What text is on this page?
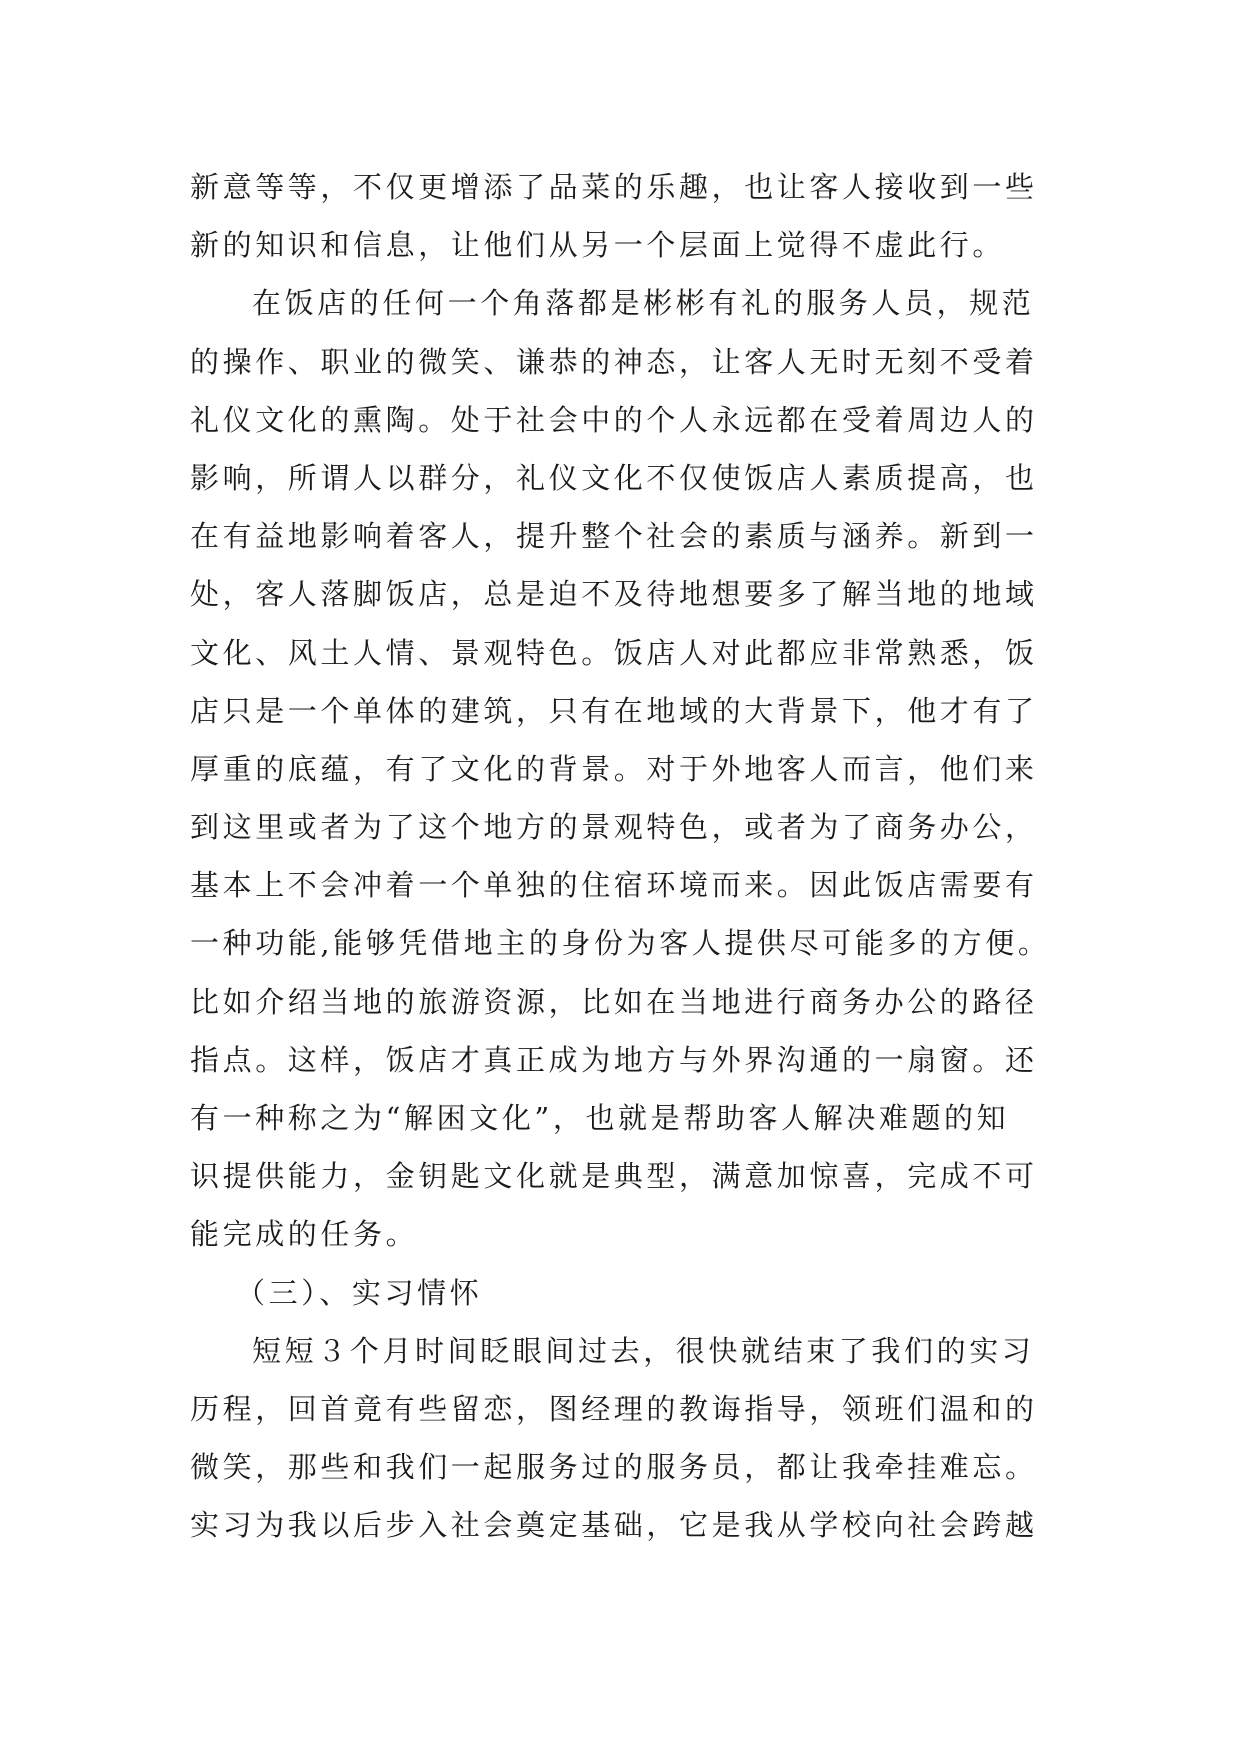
新意等等，不仅更增添了品菜的乐趣，也让客人接收到一些

新的知识和信息，让他们从另一个层面上觉得不虚此行。

在饭店的任何一个角落都是彬彬有礼的服务人员，规范

的操作、职业的微笑、谦恭的神态，让客人无时无刻不受着

礼仪文化的熏陶。处于社会中的个人永远都在受着周边人的

影响，所谓人以群分，礼仪文化不仅使饭店人素质提高，也

在有益地影响着客人，提升整个社会的素质与涵养。新到一

处，客人落脚饭店，总是迫不及待地想要多了解当地的地域

文化、风土人情、景观特色。饭店人对此都应非常熟悉，饭

店只是一个单体的建筑，只有在地域的大背景下，他才有了

厚重的底蕴，有了文化的背景。对于外地客人而言，他们来

到这里或者为了这个地方的景观特色，或者为了商务办公，

基本上不会冲着一个单独的住宿环境而来。因此饭店需要有

一种功能,能够凭借地主的身份为客人提供尽可能多的方便。

比如介绍当地的旅游资源，比如在当地进行商务办公的路径

指点。这样，饭店才真正成为地方与外界沟通的一扇窗。还

有一种称之为“解困文化”，也就是帮助客人解决难题的知

识提供能力，金钥匙文化就是典型，满意加惊喜，完成不可

能完成的任务。

（三）、实习情怀

短短３个月时间眨眼间过去，很快就结束了我们的实习

历程，回首竟有些留恋，图经理的教诲指导，领班们温和的

微笑，那些和我们一起服务过的服务员，都让我牵挂难忘。

实习为我以后步入社会奠定基础，它是我从学校向社会跨越
